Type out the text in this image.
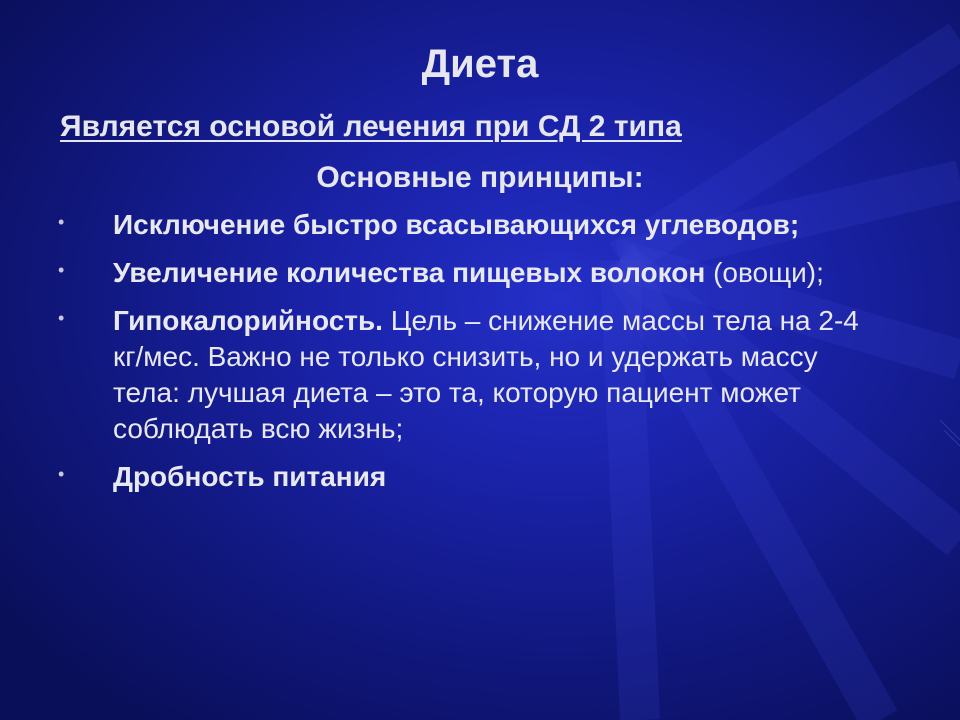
Диета
Является основой лечения при СД 2 типа
Основные принципы:
• Исключение быстро всасывающихся углеводов;
• Увеличение количества пищевых волокон (овощи);
• Гипокалорийность. Цель – снижение массы тела на 2-4 кг/мес. Важно не только снизить, но и удержать массу тела: лучшая диета – это та, которую пациент может соблюдать всю жизнь;
• Дробность питания
